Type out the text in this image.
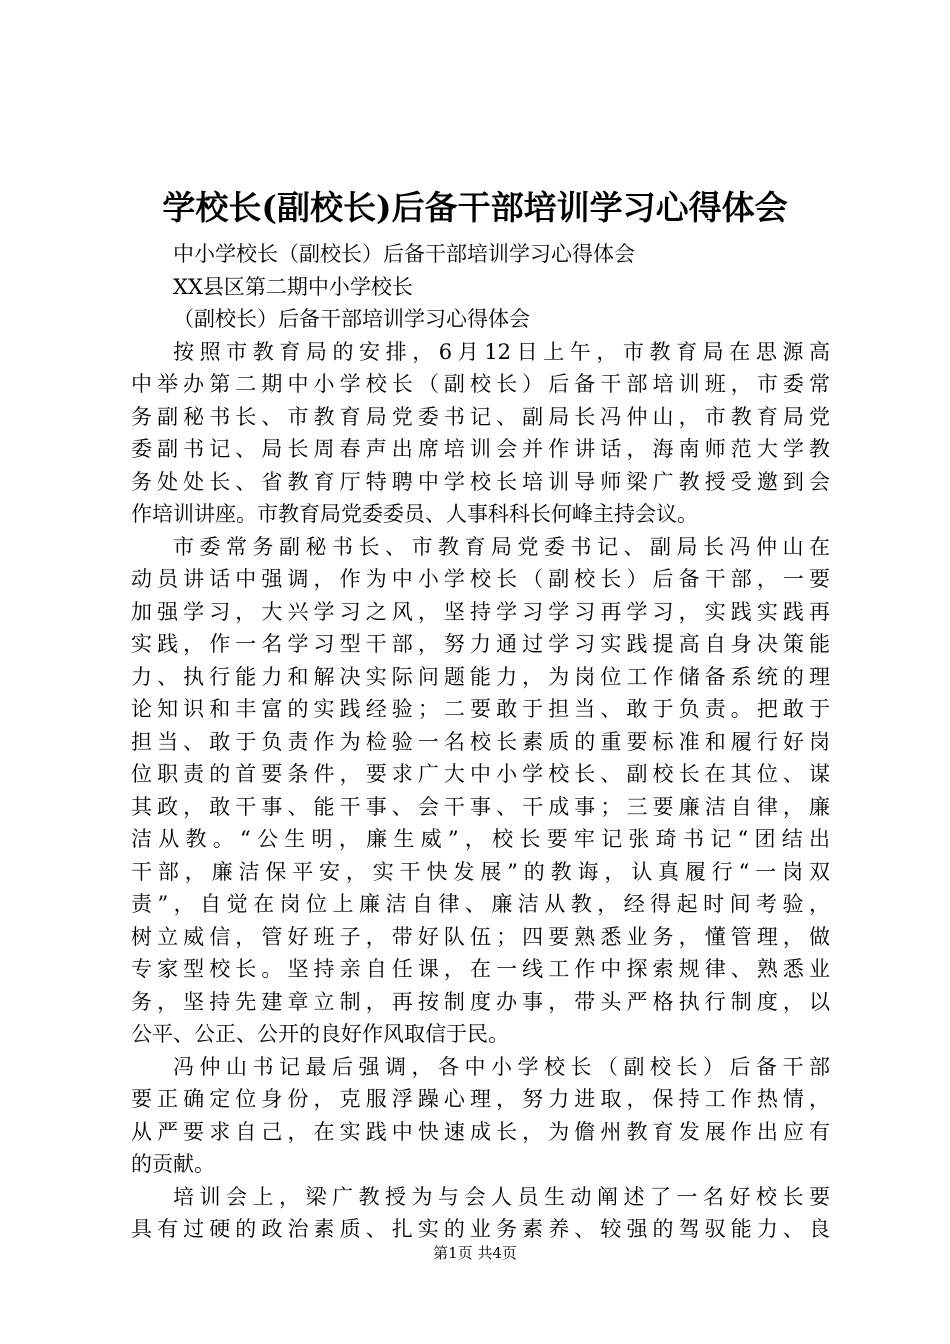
学校长(副校长)后备干部培训学习心得体会
中小学校长（副校长）后备干部培训学习心得体会
XX县区第二期中小学校长
（副校长）后备干部培训学习心得体会
按照市教育局的安排，6月12日上午，市教育局在思源高
中举办第二期中小学校长（副校长）后备干部培训班，市委常
务副秘书长、市教育局党委书记、副局长冯仲山，市教育局党
委副书记、局长周春声出席培训会并作讲话，海南师范大学教
务处处长、省教育厅特聘中学校长培训导师梁广教授受邀到会
作培训讲座。市教育局党委委员、人事科科长何峰主持会议。
市委常务副秘书长、市教育局党委书记、副局长冯仲山在
动员讲话中强调，作为中小学校长（副校长）后备干部，一要
加强学习，大兴学习之风，坚持学习学习再学习，实践实践再
实践，作一名学习型干部，努力通过学习实践提高自身决策能
力、执行能力和解决实际问题能力，为岗位工作储备系统的理
论知识和丰富的实践经验；二要敢于担当、敢于负责。把敢于
担当、敢于负责作为检验一名校长素质的重要标准和履行好岗
位职责的首要条件，要求广大中小学校长、副校长在其位、谋
其政，敢干事、能干事、会干事、干成事；三要廉洁自律，廉
洁从教。“公生明，廉生威”，校长要牢记张琦书记“团结出
干部，廉洁保平安，实干快发展”的教诲，认真履行“一岗双
责”，自觉在岗位上廉洁自律、廉洁从教，经得起时间考验，
树立威信，管好班子，带好队伍；四要熟悉业务，懂管理，做
专家型校长。坚持亲自任课，在一线工作中探索规律、熟悉业
务，坚持先建章立制，再按制度办事，带头严格执行制度，以
公平、公正、公开的良好作风取信于民。
冯仲山书记最后强调，各中小学校长（副校长）后备干部
要正确定位身份，克服浮躁心理，努力进取，保持工作热情，
从严要求自己，在实践中快速成长，为儋州教育发展作出应有
的贡献。
培训会上，梁广教授为与会人员生动阐述了一名好校长要
具有过硬的政治素质、扎实的业务素养、较强的驾驭能力、良
第1页 共4页
